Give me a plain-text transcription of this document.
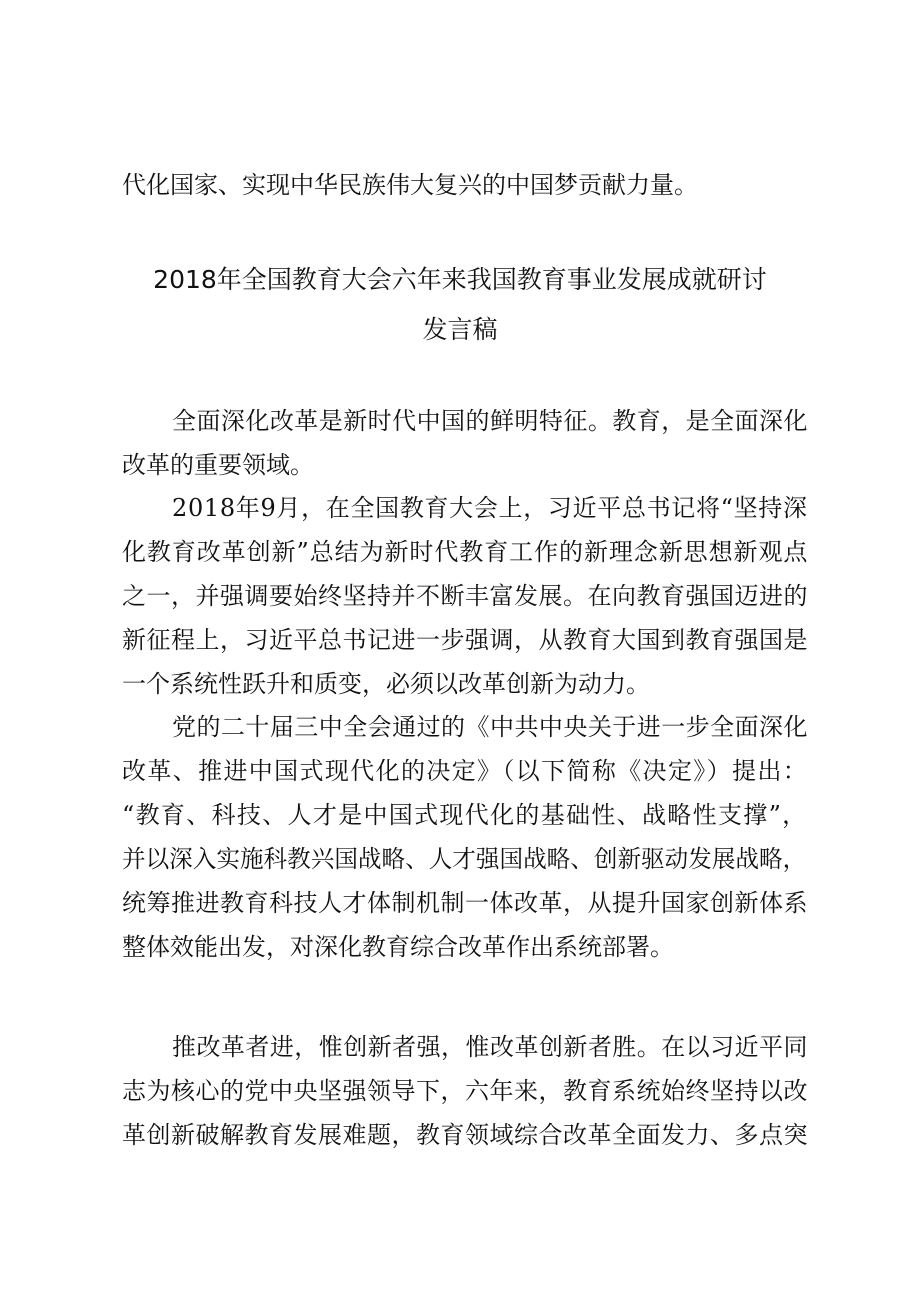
代化国家、实现中华民族伟大复兴的中国梦贡献力量。
2018年全国教育大会六年来我国教育事业发展成就研讨
发言稿
全面深化改革是新时代中国的鲜明特征。教育，是全面深化
改革的重要领域。
2018年9月，在全国教育大会上，习近平总书记将“坚持深
化教育改革创新”总结为新时代教育工作的新理念新思想新观点
之一，并强调要始终坚持并不断丰富发展。在向教育强国迈进的
新征程上，习近平总书记进一步强调，从教育大国到教育强国是
一个系统性跃升和质变，必须以改革创新为动力。
党的二十届三中全会通过的《中共中央关于进一步全面深化
改革、推进中国式现代化的决定》（以下简称《决定》）提出：
“教育、科技、人才是中国式现代化的基础性、战略性支撑”，
并以深入实施科教兴国战略、人才强国战略、创新驱动发展战略，
统筹推进教育科技人才体制机制一体改革，从提升国家创新体系
整体效能出发，对深化教育综合改革作出系统部署。
推改革者进，惟创新者强，惟改革创新者胜。在以习近平同
志为核心的党中央坚强领导下，六年来，教育系统始终坚持以改
革创新破解教育发展难题，教育领域综合改革全面发力、多点突
